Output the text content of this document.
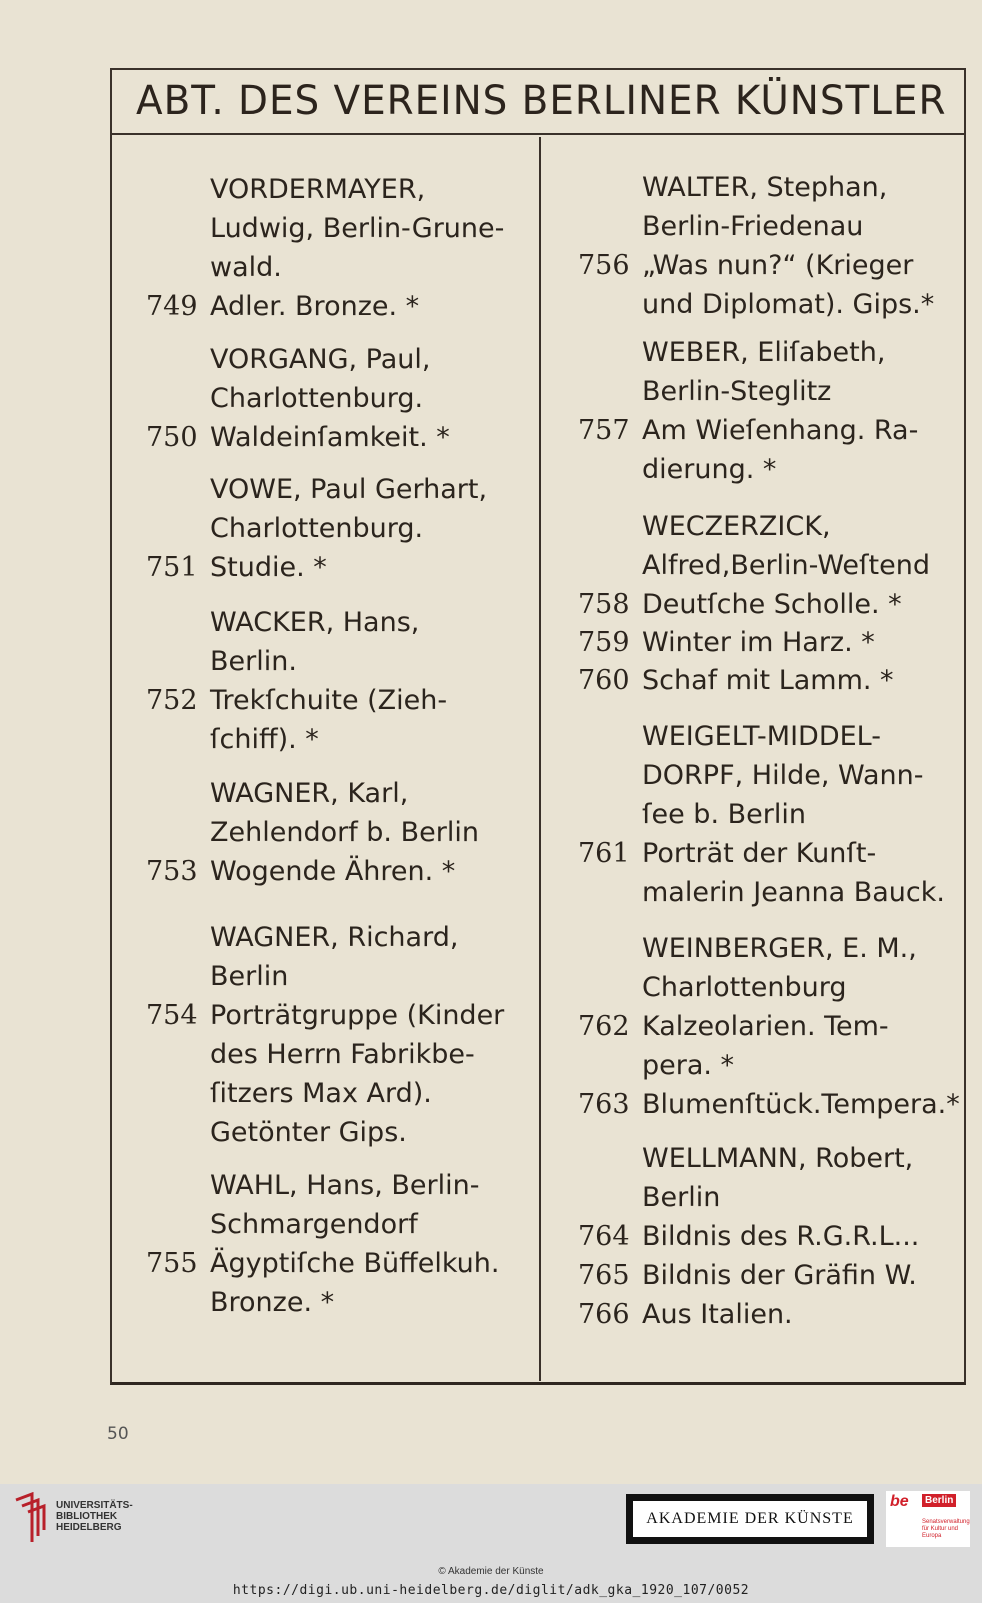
ABT. DES VEREINS BERLINER KÜNSTLER
VORDERMAYER,
Ludwig, Berlin-Grune-
wald.
749 Adler. Bronze. *
VORGANG, Paul,
Charlottenburg.
750 Waldeinſamkeit. *
VOWE, Paul Gerhart,
Charlottenburg.
751 Studie. *
WACKER, Hans,
Berlin.
752 Trekſchuite (Zieh-
ſchiff). *
WAGNER, Karl,
Zehlendorf b. Berlin
753 Wogende Ähren. *
WAGNER, Richard,
Berlin
754 Porträtgruppe (Kinder
des Herrn Fabrikbe-
ſitzers Max Ard).
Getönter Gips.
WAHL, Hans, Berlin-
Schmargendorf
755 Ägyptiſche Büffelkuh.
Bronze. *
WALTER, Stephan,
Berlin-Friedenau
756 „Was nun?“ (Krieger
und Diplomat). Gips.*
WEBER, Eliſabeth,
Berlin-Steglitz
757 Am Wieſenhang. Ra-
dierung. *
WECZERZICK,
Alfred,Berlin-Weſtend
758 Deutſche Scholle. *
759 Winter im Harz. *
760 Schaf mit Lamm. *
WEIGELT-MIDDEL-
DORPF, Hilde, Wann-
ſee b. Berlin
761 Porträt der Kunſt-
malerin Jeanna Bauck.
WEINBERGER, E. M.,
Charlottenburg
762 Kalzeolarien. Tem-
pera. *
763 Blumenſtück.Tempera.*
WELLMANN, Robert,
Berlin
764 Bildnis des R.G.R.L...
765 Bildnis der Gräfin W.
766 Aus Italien.
50
UNIVERSITÄTS-
BIBLIOTHEK
HEIDELBERG
AKADEMIE DER KÜNSTE
be	Berlin
Senatsverwaltung für Kultur und Europa
© Akademie der Künste
https://digi.ub.uni-heidelberg.de/diglit/adk_gka_1920_107/0052
